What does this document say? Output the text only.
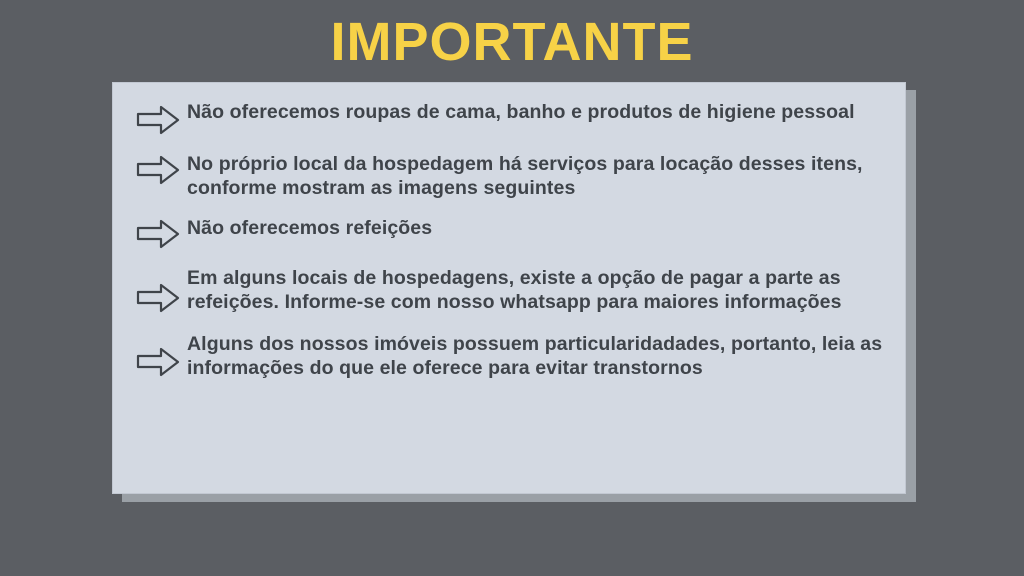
IMPORTANTE
Não oferecemos roupas de cama, banho e produtos de higiene pessoal
No próprio local da hospedagem há serviços para locação desses itens, conforme mostram as imagens seguintes
Não oferecemos refeições
Em alguns locais de hospedagens, existe a opção de pagar a parte as refeições. Informe-se com nosso whatsapp para maiores informações
Alguns dos nossos imóveis possuem particularidadades, portanto, leia as informações do que ele oferece para evitar transtornos
